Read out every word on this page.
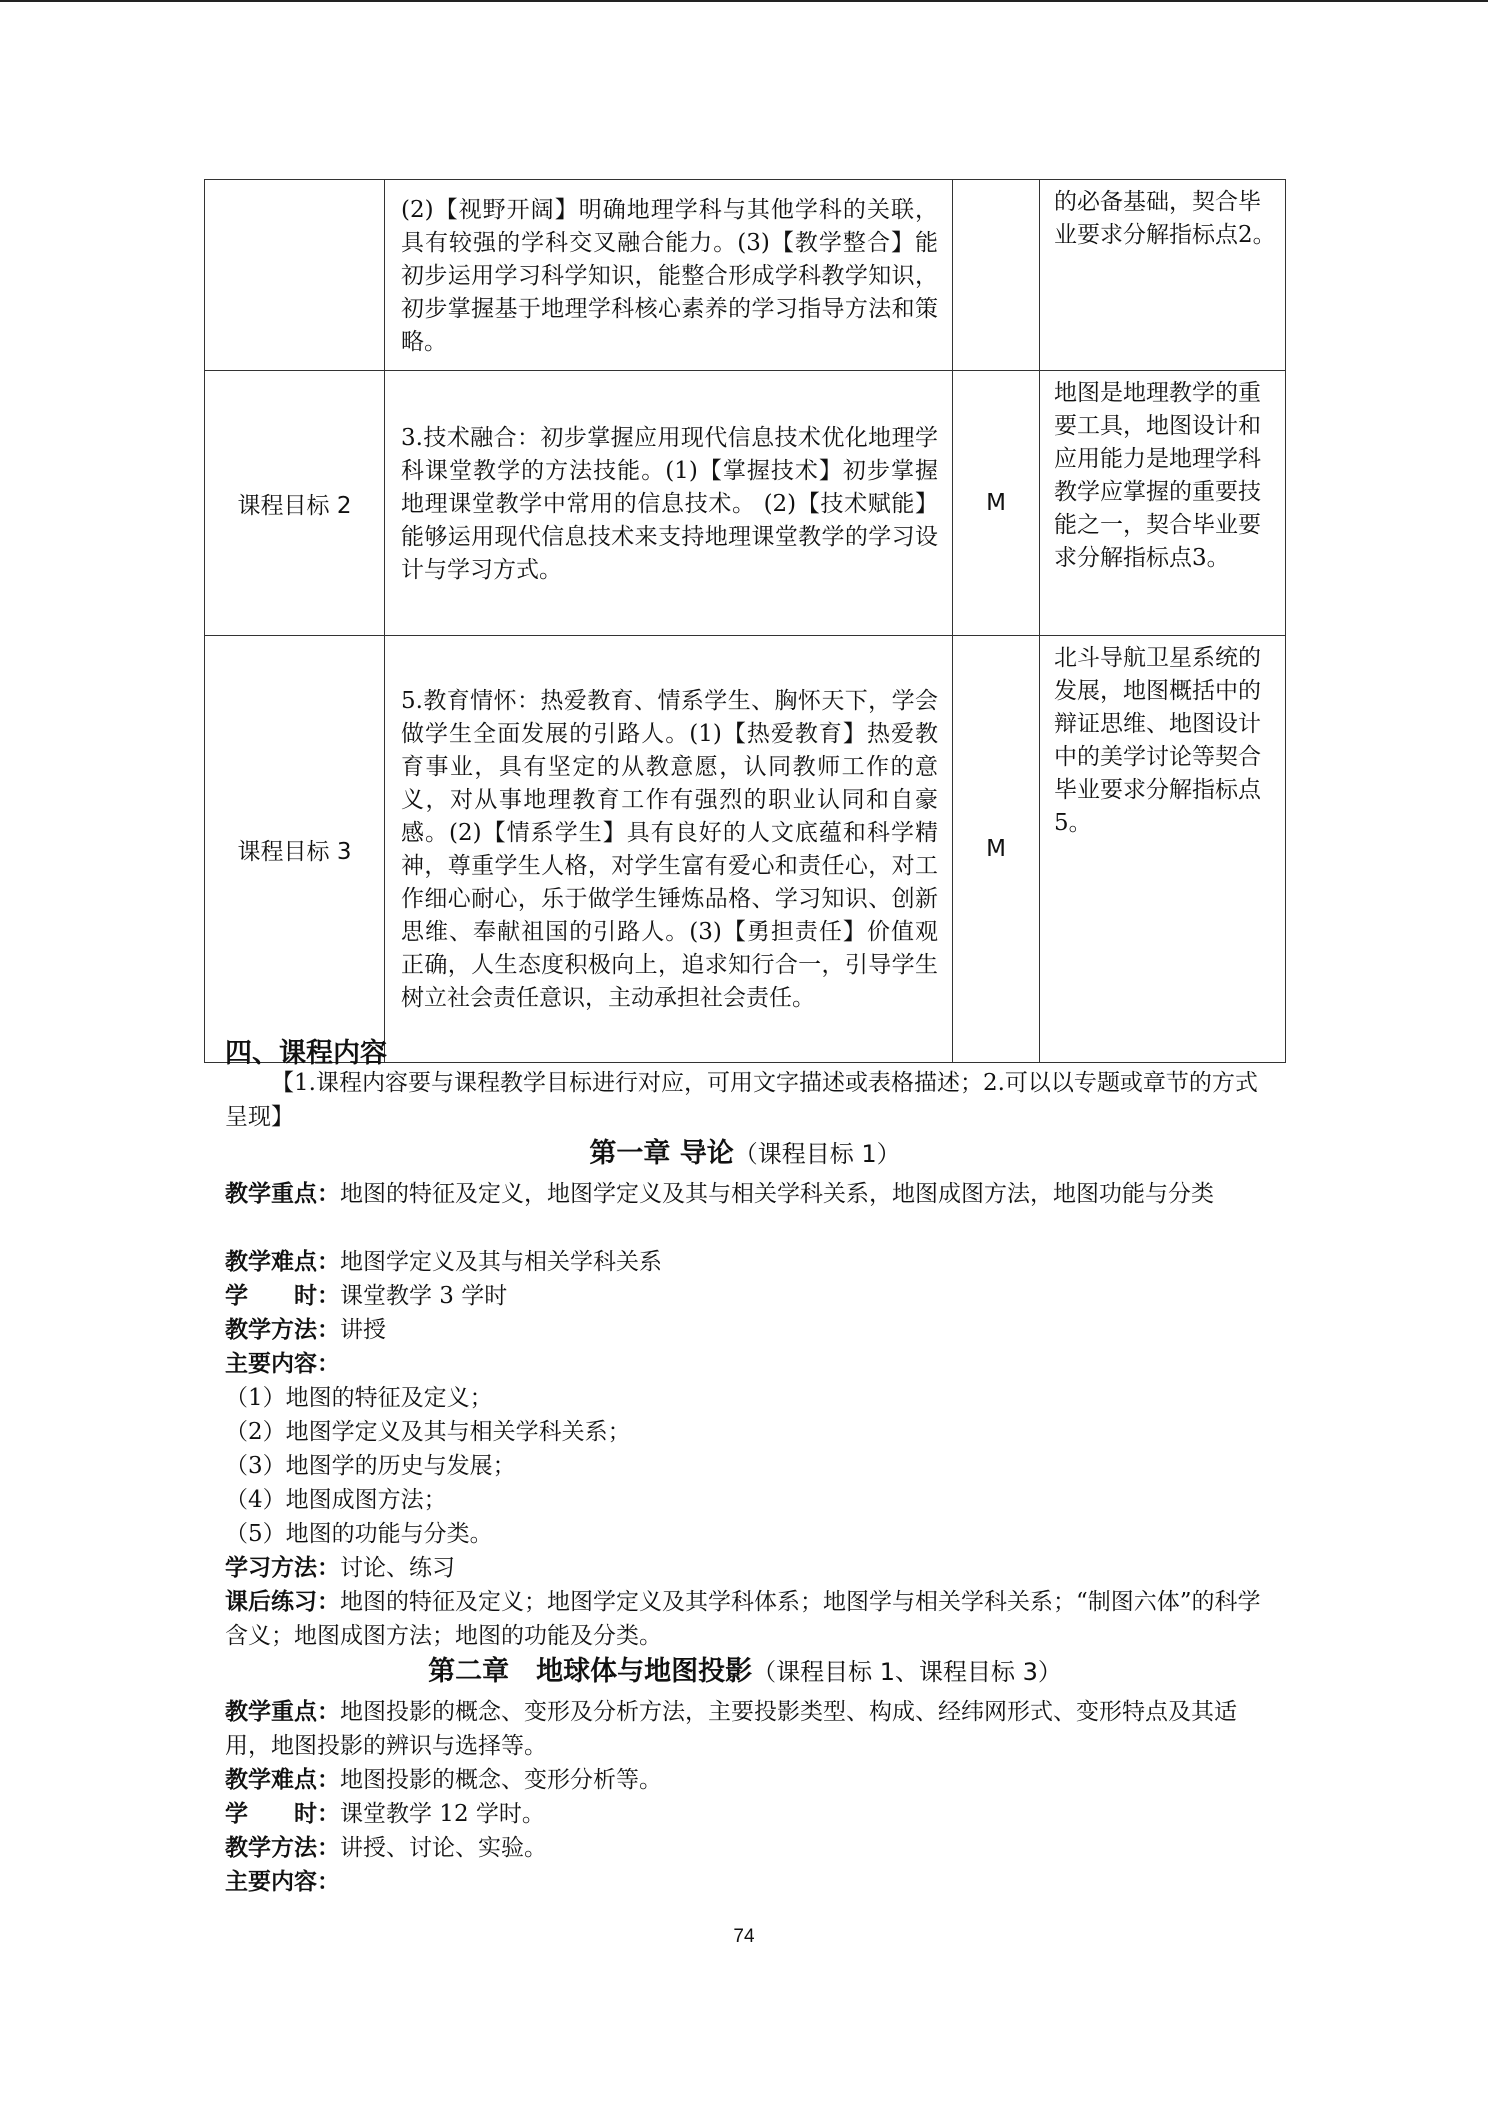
	(2)【视野开阔】明确地理学科与其他学科的关联，具有较强的学科交叉融合能力。(3)【教学整合】能初步运用学习科学知识，能整合形成学科教学知识，初步掌握基于地理学科核心素养的学习指导方法和策略。		的必备基础，契合毕业要求分解指标点2。
课程目标 2	3.技术融合：初步掌握应用现代信息技术优化地理学科课堂教学的方法技能。(1)【掌握技术】初步掌握地理课堂教学中常用的信息技术。 (2)【技术赋能】能够运用现代信息技术来支持地理课堂教学的学习设计与学习方式。	M	地图是地理教学的重要工具，地图设计和应用能力是地理学科教学应掌握的重要技能之一，契合毕业要求分解指标点3。
课程目标 3	5.教育情怀：热爱教育、情系学生、胸怀天下，学会做学生全面发展的引路人。(1)【热爱教育】热爱教育事业，具有坚定的从教意愿，认同教师工作的意义，对从事地理教育工作有强烈的职业认同和自豪感。(2)【情系学生】具有良好的人文底蕴和科学精神，尊重学生人格，对学生富有爱心和责任心，对工作细心耐心，乐于做学生锤炼品格、学习知识、创新思维、奉献祖国的引路人。(3)【勇担责任】价值观正确，人生态度积极向上，追求知行合一，引导学生树立社会责任意识，主动承担社会责任。	M	北斗导航卫星系统的发展，地图概括中的辩证思维、地图设计中的美学讨论等契合毕业要求分解指标点5。
四、课程内容
【1.课程内容要与课程教学目标进行对应，可用文字描述或表格描述；2.可以以专题或章节的方式呈现】
第一章 导论（课程目标 1）
教学重点：地图的特征及定义，地图学定义及其与相关学科关系，地图成图方法，地图功能与分类
教学难点：地图学定义及其与相关学科关系
学　　时：课堂教学 3 学时
教学方法：讲授
主要内容：
（1）地图的特征及定义；
（2）地图学定义及其与相关学科关系；
（3）地图学的历史与发展；
（4）地图成图方法；
（5）地图的功能与分类。
学习方法：讨论、练习
课后练习：地图的特征及定义；地图学定义及其学科体系；地图学与相关学科关系；“制图六体”的科学含义；地图成图方法；地图的功能及分类。
第二章　地球体与地图投影（课程目标 1、课程目标 3）
教学重点：地图投影的概念、变形及分析方法，主要投影类型、构成、经纬网形式、变形特点及其适用，地图投影的辨识与选择等。
教学难点：地图投影的概念、变形分析等。
学　　时：课堂教学 12 学时。
教学方法：讲授、讨论、实验。
主要内容：
74
